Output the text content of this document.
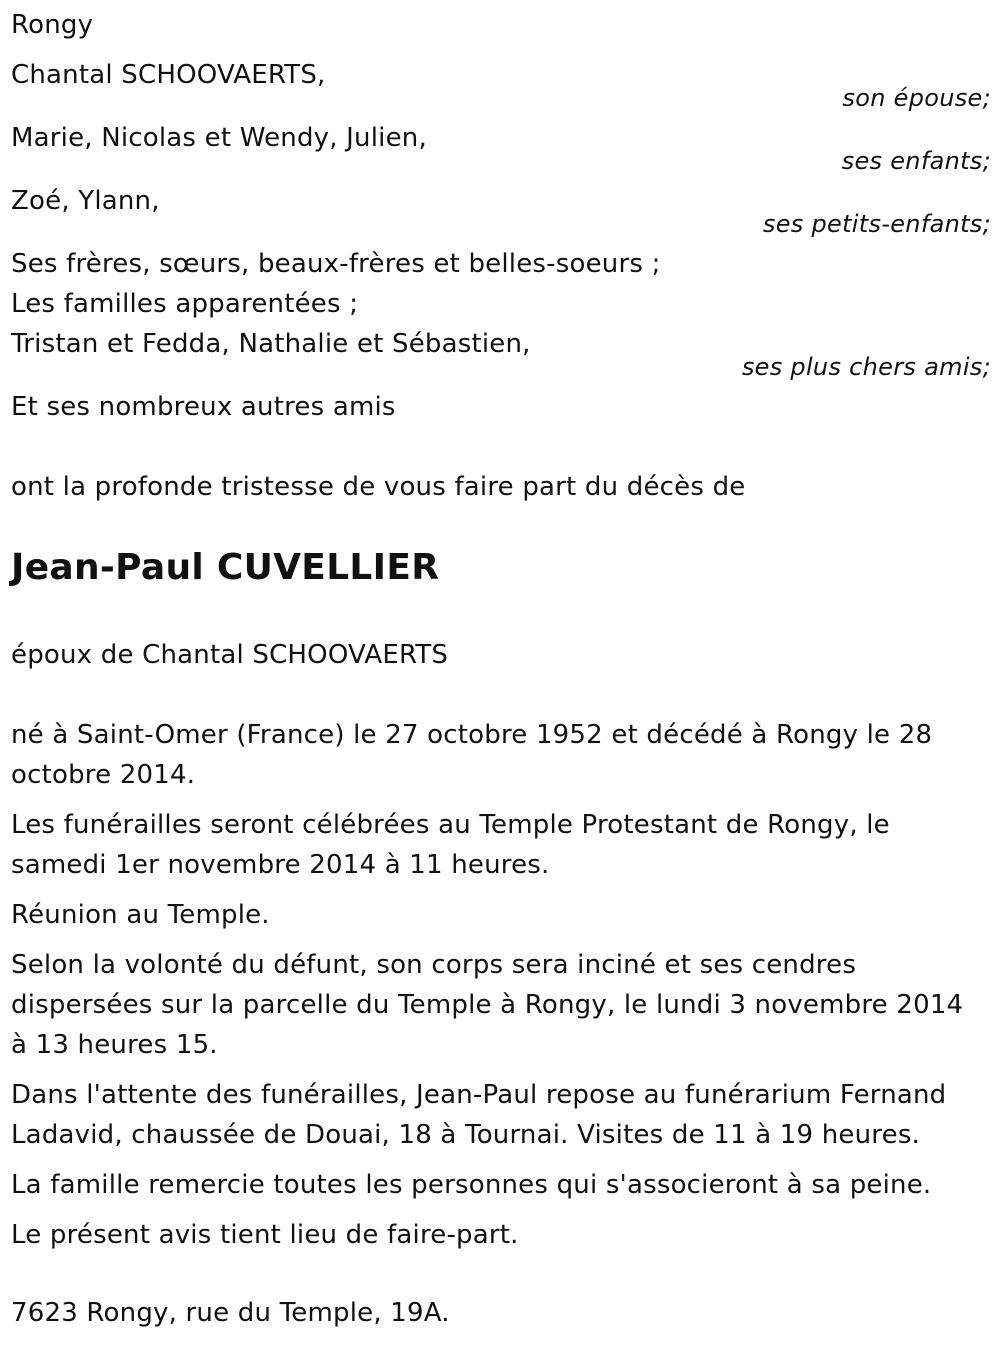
Rongy
Chantal SCHOOVAERTS,
son épouse;
Marie, Nicolas et Wendy, Julien,
ses enfants;
Zoé, Ylann,
ses petits-enfants;
Ses frères, sœurs, beaux-frères et belles-soeurs ;
Les familles apparentées ;
Tristan et Fedda, Nathalie et Sébastien,
ses plus chers amis;
Et ses nombreux autres amis
ont la profonde tristesse de vous faire part du décès de
Jean-Paul CUVELLIER
époux de Chantal SCHOOVAERTS

né à Saint-Omer (France) le 27 octobre 1952 et décédé à Rongy le 28 octobre 2014.

Les funérailles seront célébrées au Temple Protestant de Rongy, le samedi 1er novembre 2014 à 11 heures.

Réunion au Temple.

Selon la volonté du défunt, son corps sera inciné et ses cendres dispersées sur la parcelle du Temple à Rongy, le lundi 3 novembre 2014 à 13 heures 15.

Dans l'attente des funérailles, Jean-Paul repose au funérarium Fernand Ladavid, chaussée de Douai, 18 à Tournai. Visites de 11 à 19 heures.

La famille remercie toutes les personnes qui s'associeront à sa peine.

Le présent avis tient lieu de faire-part.

7623 Rongy, rue du Temple, 19A.
